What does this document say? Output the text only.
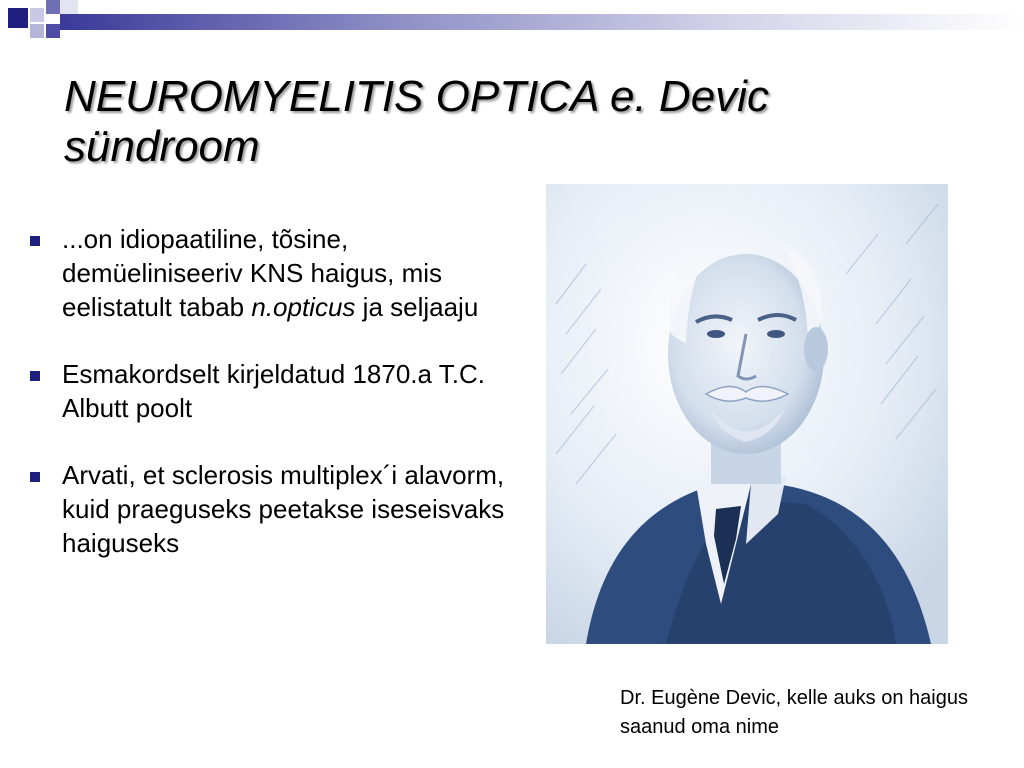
NEUROMYELITIS OPTICA e. Devic
sündroom
...on idiopaatiline, tõsine, demüeliniseeriv KNS haigus, mis eelistatult tabab n.opticus ja seljaaju
Esmakordselt kirjeldatud 1870.a T.C. Albutt poolt
Arvati, et sclerosis multiplex´i alavorm, kuid praeguseks peetakse iseseisvaks haiguseks
Dr. Eugène Devic, kelle auks on haigus saanud oma nime
